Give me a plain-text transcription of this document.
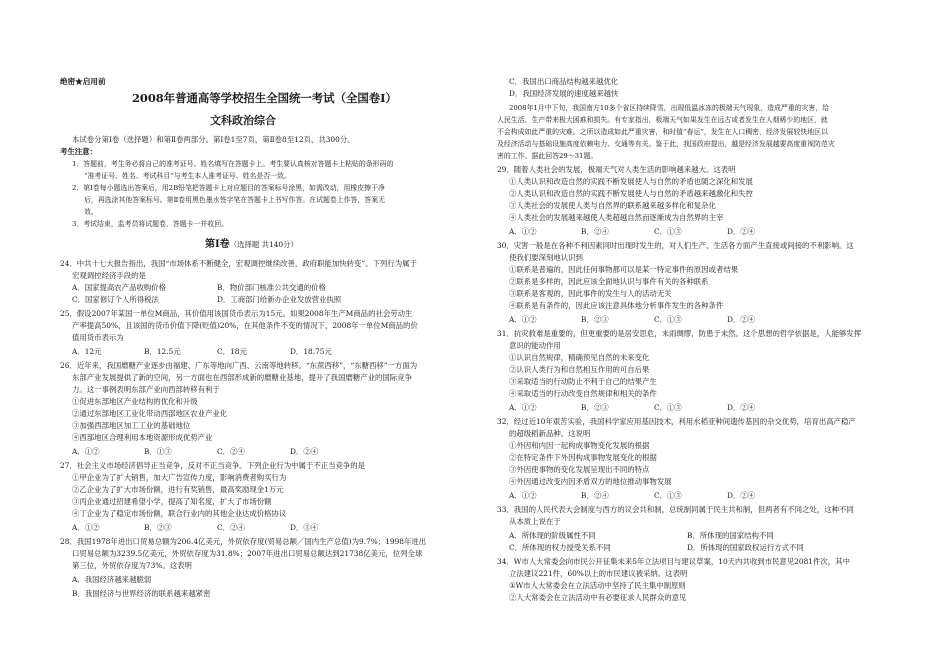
绝密★启用前
2008年普通高等学校招生全国统一考试（全国卷Ⅰ）
文科政治综合
本试卷分第Ⅰ卷（选择题）和第Ⅱ卷两部分。第Ⅰ卷1至7页，第Ⅱ卷8至12页，共300分。
考生注意：
1．答题前，考生务必将自己的准考证号、姓名填写在答题卡上。考生要认真核对答题卡上粘贴的条形码的
“准考证号、姓名、考试科目”与考生本人准考证号、姓名是否一致。
2．第Ⅰ卷每小题选出答案后，用2B铅笔把答题卡上对应题目的答案标号涂黑，如需改动，用橡皮擦干净
后，再选涂其他答案标号。第Ⅱ卷用黑色墨水签字笔在答题卡上书写作答。在试题卷上作答，答案无
效。
3．考试结束，监考员将试题卷、答题卡一并收回。
第Ⅰ卷（选择题 共140分）
24．中共十七大报告指出，我国“市场体系不断健全，宏观调控继续改善，政府职能加快转变”。下列行为属于
宏观调控经济手段的是
A．国家提高农产品收购价格	B．物价部门核准公共交通的价格
C．国家修订个人所得税法	D．工商部门给新办企业发放营业执照
25．假设2007年某国一单位M商品，其价值用该国货币表示为15元。如果2008年生产M商品的社会劳动生
产率提高50%，且该国的货币价值下降(贬值)20%，在其他条件不变的情况下，2008年一单位M商品的价
值用货币表示为
A．12元	B．12.5元	C．18元	D．18.75元
26．近年来，我国磨糖产业逐步由福建、广东等地向广西、云南等地转移。“东蔗西移”，“东糖西移”一方面为
东部产业发展提供了新的空间，另一方面也在西部形成新的磨糖业基地，提升了我国磨糖产业的国际竞争
力。这一事例表明东部产业向西部转移有利于
①促进东部地区产业结构的优化和升级
②通过东部地区工业化带动西部地区农业产业化
③加强西部地区加工工业的基础地位
④西部地区合理利用本地资源形成优势产业
A．①②	B．①③	C．②④	D．②④
27．社会主义市场经济倡导正当竞争，反对不正当竞争。下列企业行为中属于不正当竞争的是
①甲企业为了扩大销售，加大广告宣传力度，影响消费者购买行为
②乙企业为了扩大市场份额，进行有奖销售，最高奖励现金1万元
③丙企业通过招建希望小学，提高了知名度，扩大了市场份额
④丁企业为了稳定市场份额，联合行业内的其他企业达成价格协议
A．①②	B．②③	C．②④	D．③④
28．我国1978年进出口贸易总额为206.4亿美元，外贸依存度(贸易总额／国内生产总值)为9.7%；1998年进出
口贸易总额为3239.5亿美元，外贸依存度为31.8%；2007年进出口贸易总额达到21738亿美元，位列全球
第三位，外贸依存度为73%。这表明
A．我国经济越来越脆弱
B．我国经济与世界经济的联系越来越紧密
C．我国出口商品结构越来越优化
D．我国经济发展的速度越来越快
2008年1月中下旬，我国南方10多个省区持续降雪，出现低温冰冻的极端天气现象，造成严重的灾害，给
人民生活、生产带来极大困难和损失。有专家指出，极端天气如果发生在远古或者发生在人烟稀少的地区，就
不会构成如此严重的灾难。之所以造成如此严重灾害，和时值“春运”，发生在人口稠密、经济发展较快地区以
及经济活动与基础设施高度依赖电力、交通等有关。鉴于此，我国政府提出，越是经济发展越要高度重视防范灾
害的工作。据此回答29～31题。
29．随着人类社会的发展，极端天气对人类生活的影响越来越大。这表明
①人类认识和改造自然的实践不断发展使人与自然的矛盾也随之深化和发展
②人类认识和改造自然的实践不断发展使人与自然的矛盾越来越激化和失控
③人类社会的发展使人类与自然界的联系越来越多样化和复杂化
④人类社会的发展越来越使人类超越自然而逐渐成为自然界的主宰
A．①②	B．②④	C．①③	D．②④
30．灾害一般是在各种不利因素同时出现时发生的，对人们生产、生活各方面产生直接或间接的不利影响。这
使我们要深刻地认识到
①联系是普遍的，因此任何事物都可以是某一特定事件的原因或者结果
②联系是多样的，因此应该全面地认识与事件有关的各种联系
③联系是客观的，因此事件的发生与人的活动无关
④联系是有条件的，因此应该注意具体地分析事件发生的各种条件
A．①②	B．②③	C．①③	D．②④
31．抗灾救难是重要的，但更重要的是居安思危，未雨绸缪，防患于未然。这个思想的哲学依据是，人能够发挥
意识的能动作用
①认识自然规律，精确预见自然的未来变化
②认识人类行为和自然相互作用的可自后果
③采取适当的行动防止不利于自己的结果产生
④采取适当的行动改变自然规律和相关的条件
A．①②	B．②③	C．①③	D．②④
32．经过近10年艰苦实验，我国科学家应用基因技术，利用水稻亚种间遗传基因的杂交优势，培育出高产稳产
的超级稻新品种。这说明
①外因和内因一起构成事物变化发展的根据
②在特定条件下外因构成事物发展变化的根据
③外因使事物的变化发展呈现出不同的特点
④外因通过改变内因矛盾双方的地位推动事物发展
A．①②	B．②④	C．①③	D．②④
33．我国的人民代表大会制度与西方的议会共和制，总统制同属于民主共和制，但两者有不同之处，这种不同
从本质上说在于
A．所体现的阶级属性不同	B．所体现的国家结构不同
C．所体现的权力授受关系不同	D．所体现的国家政权运行方式不同
34．W市人大常委会向市民公开征集未来5年立法项目与建议草案，10天内共收到市民意见2081件次，其中
立法建议221件，60%以上的市民建议被采纳。这表明
①W市人大常委会在立法活动中坚持了民主集中制原则
②人大常委会在立法活动中有必要征求人民群众的意见
